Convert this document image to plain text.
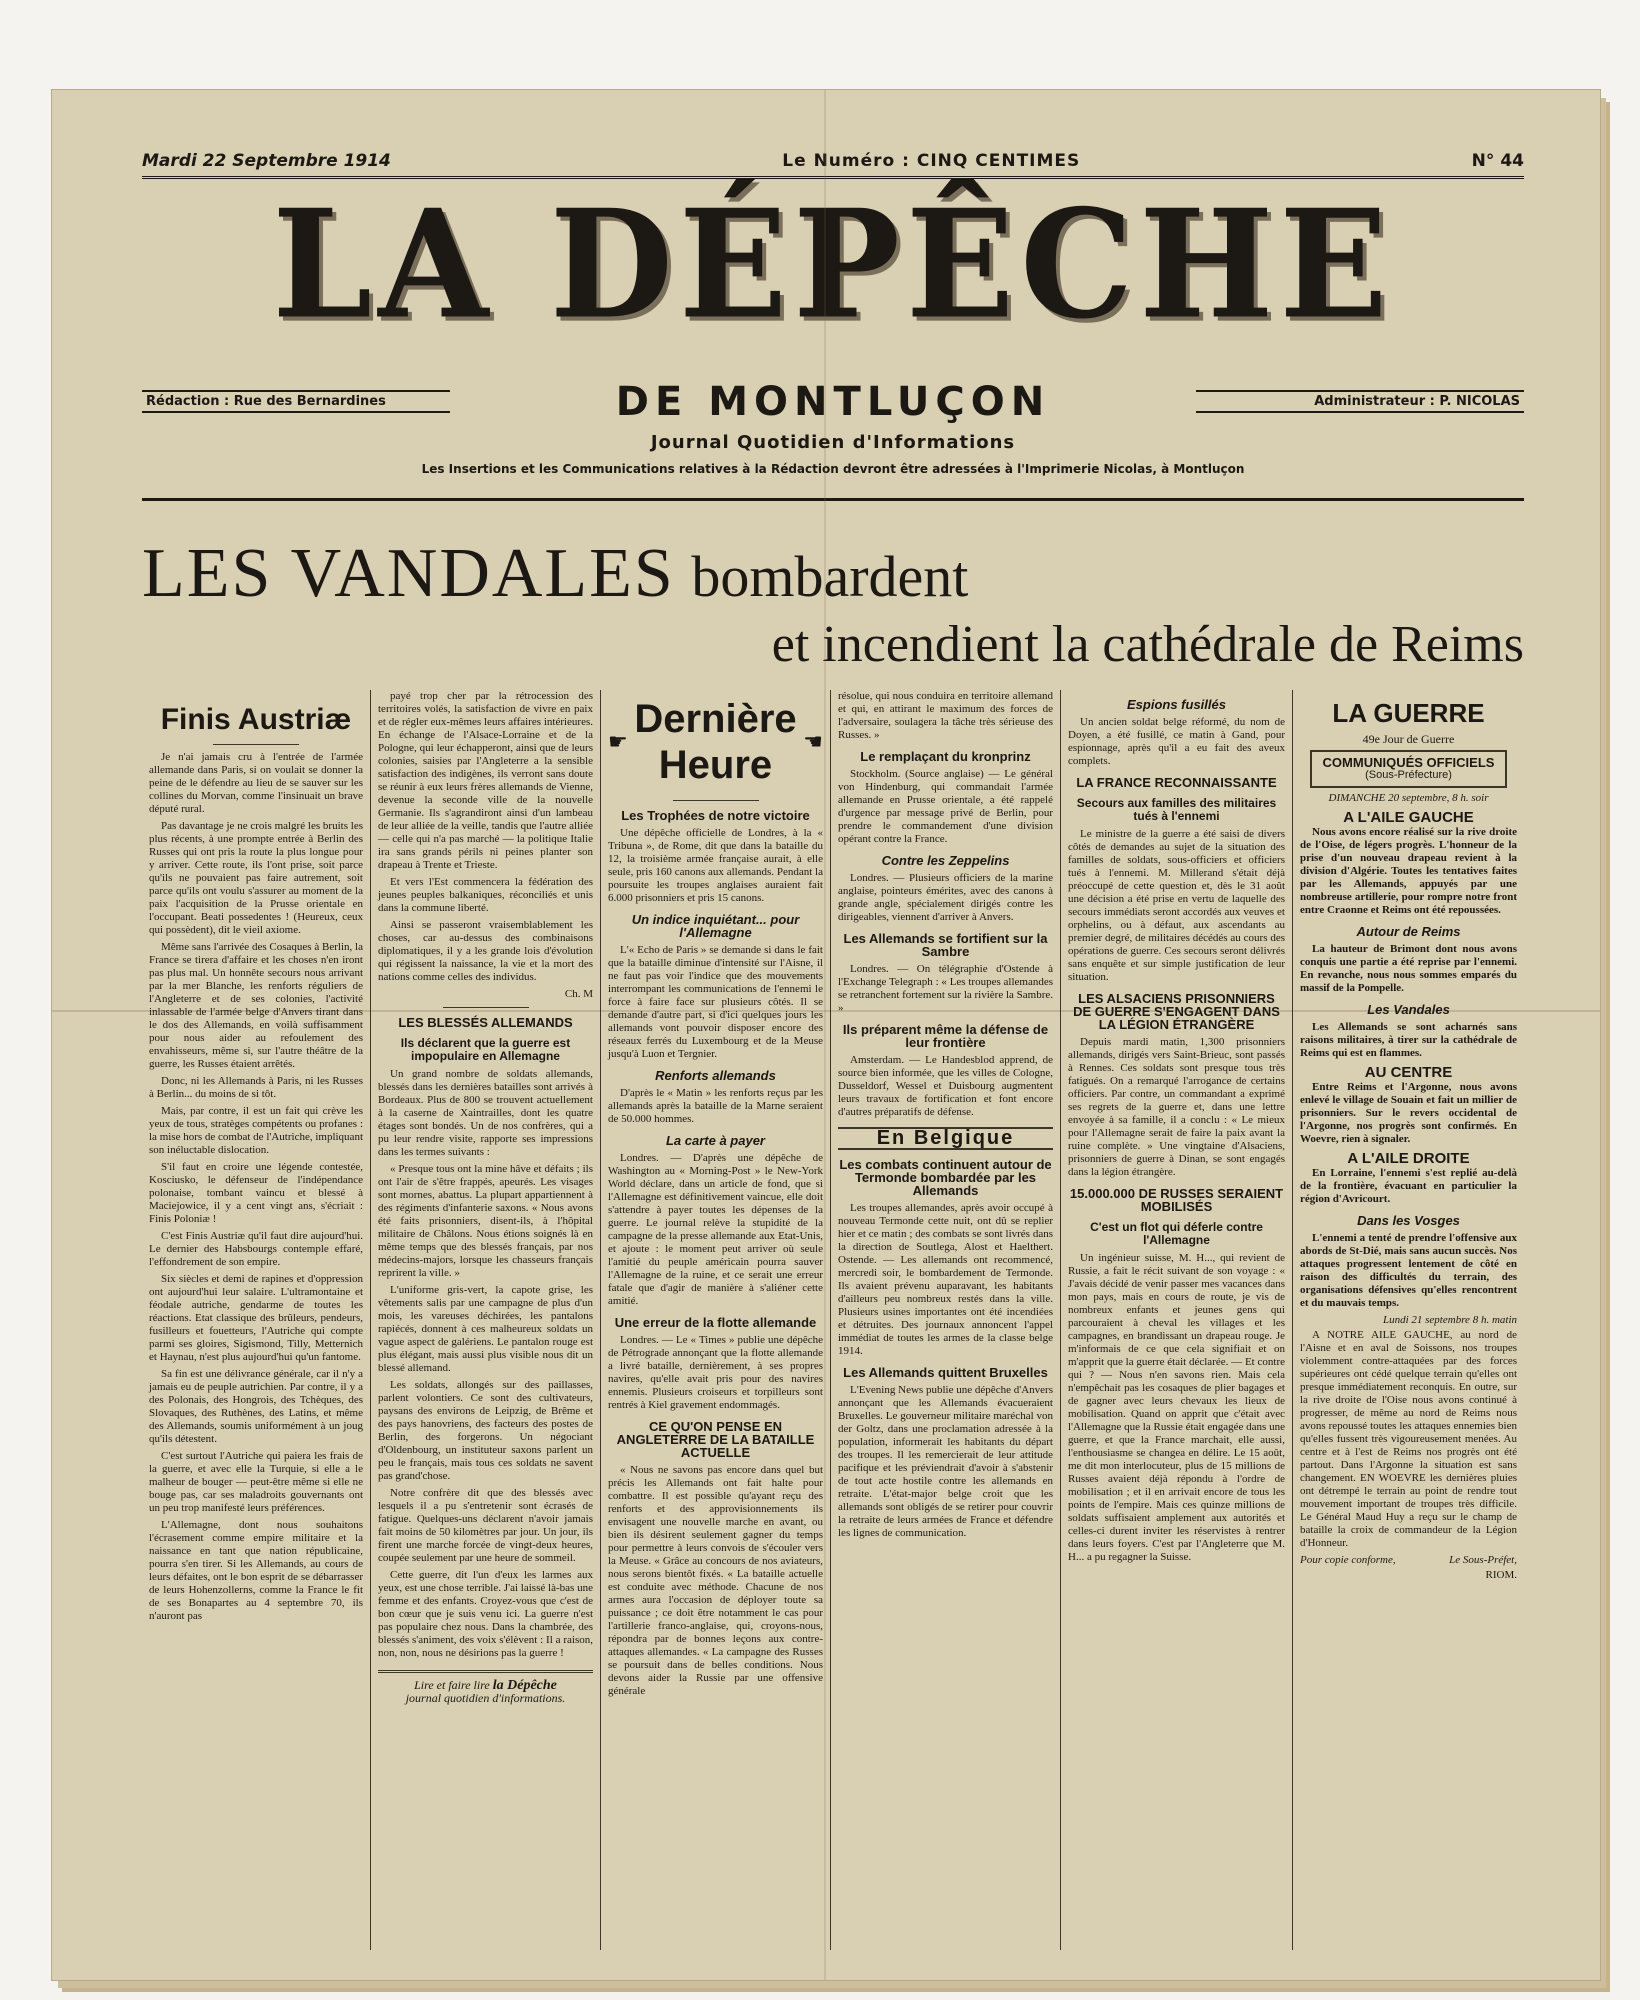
Mardi 22 Septembre 1914	Le Numéro : CINQ CENTIMES	N° 44
LA DÉPÊCHE
Rédaction : Rue des Bernardines	DE MONTLUÇON	Administrateur : P. NICOLAS
Journal Quotidien d'Informations
Les Insertions et les Communications relatives à la Rédaction devront être adressées à l'Imprimerie Nicolas, à Montluçon
LES VANDALES bombardent
et incendient la cathédrale de Reims
Finis Austriæ

Je n'ai jamais cru à l'entrée de l'armée allemande dans Paris, si on voulait se donner la peine de le défendre au lieu de se sauver sur les collines du Morvan, comme l'insinuait un brave député rural.

Pas davantage je ne crois malgré les bruits les plus récents, à une prompte entrée à Berlin des Russes qui ont pris la route la plus longue pour y arriver. Cette route, ils l'ont prise, soit parce qu'ils ne pouvaient pas faire autrement, soit parce qu'ils ont voulu s'assurer au moment de la paix l'acquisition de la Prusse orientale en l'occupant. Beati possedentes ! (Heureux, ceux qui possèdent), dit le vieil axiome.

Même sans l'arrivée des Cosaques à Berlin, la France se tirera d'affaire et les choses n'en iront pas plus mal. Un honnête secours nous arrivant par la mer Blanche, les renforts réguliers de l'Angleterre et de ses colonies, l'activité inlassable de l'armée belge d'Anvers tirant dans le dos des Allemands, en voilà suffisamment pour nous aider au refoulement des envahisseurs, même si, sur l'autre théâtre de la guerre, les Russes étaient arrêtés.

Donc, ni les Allemands à Paris, ni les Russes à Berlin... du moins de si tôt.

Mais, par contre, il est un fait qui crève les yeux de tous, stratèges compétents ou profanes : la mise hors de combat de l'Autriche, impliquant son inéluctable dislocation.

S'il faut en croire une légende contestée, Kosciusko, le défenseur de l'indépendance polonaise, tombant vaincu et blessé à Maciejowice, il y a cent vingt ans, s'écriait : Finis Poloniæ !

C'est Finis Austriæ qu'il faut dire aujourd'hui. Le dernier des Habsbourgs contemple effaré, l'effondrement de son empire.

Six siècles et demi de rapines et d'oppression ont aujourd'hui leur salaire. L'ultramontaine et féodale autriche, gendarme de toutes les réactions. Etat classique des brûleurs, pendeurs, fusilleurs et fouetteurs, l'Autriche qui compte parmi ses gloires, Sigismond, Tilly, Metternich et Haynau, n'est plus aujourd'hui qu'un fantome.

Sa fin est une délivrance générale, car il n'y a jamais eu de peuple autrichien. Par contre, il y a des Polonais, des Hongrois, des Tchèques, des Slovaques, des Ruthènes, des Latins, et même des Allemands, soumis uniformément à un joug qu'ils détestent.

C'est surtout l'Autriche qui paiera les frais de la guerre, et avec elle la Turquie, si elle a le malheur de bouger — peut-être même si elle ne bouge pas, car ses maladroits gouvernants ont un peu trop manifesté leurs préférences.

L'Allemagne, dont nous souhaitons l'écrasement comme empire militaire et la naissance en tant que nation républicaine, pourra s'en tirer. Si les Allemands, au cours de leurs défaites, ont le bon esprit de se débarrasser de leurs Hohenzollerns, comme la France le fit de ses Bonapartes au 4 septembre 70, ils n'auront pas

payé trop cher par la rétrocession des territoires volés, la satisfaction de vivre en paix et de régler eux-mêmes leurs affaires intérieures. En échange de l'Alsace-Lorraine et de la Pologne, qui leur échapperont, ainsi que de leurs colonies, saisies par l'Angleterre a la sensible satisfaction des indigènes, ils verront sans doute se réunir à eux leurs frères allemands de Vienne, devenue la seconde ville de la nouvelle Germanie. Ils s'agrandiront ainsi d'un lambeau de leur alliée de la veille, tandis que l'autre alliée — celle qui n'a pas marché — la politique Italie ira sans grands périls ni peines planter son drapeau à Trente et Trieste.

Et vers l'Est commencera la fédération des jeunes peuples balkaniques, réconciliés et unis dans la commune liberté.

Ainsi se passeront vraisemblablement les choses, car au-dessus des combinaisons diplomatiques, il y a les grande lois d'évolution qui régissent la naissance, la vie et la mort des nations comme celles des individus.

Ch. M
LES BLESSÉS ALLEMANDS
Ils déclarent que la guerre est impopulaire en Allemagne

Un grand nombre de soldats allemands, blessés dans les dernières batailles sont arrivés à Bordeaux. Plus de 800 se trouvent actuellement à la caserne de Xaintrailles, dont les quatre étages sont bondés. Un de nos confrères, qui a pu leur rendre visite, rapporte ses impressions dans les termes suivants :

« Presque tous ont la mine hâve et défaits ; ils ont l'air de s'être frappés, apeurés. Les visages sont mornes, abattus. La plupart appartiennent à des régiments d'infanterie saxons. « Nous avons été faits prisonniers, disent-ils, à l'hôpital militaire de Châlons. Nous étions soignés là en même temps que des blessés français, par nos médecins-majors, lorsque les chasseurs français reprirent la ville. »

L'uniforme gris-vert, la capote grise, les vêtements salis par une campagne de plus d'un mois, les vareuses déchirées, les pantalons rapiécés, donnent à ces malheureux soldats un vague aspect de galériens. Le pantalon rouge est plus élégant, mais aussi plus visible nous dit un blessé allemand.

Les soldats, allongés sur des paillasses, parlent volontiers. Ce sont des cultivateurs, paysans des environs de Leipzig, de Brême et des pays hanovriens, des facteurs des postes de Berlin, des forgerons. Un négociant d'Oldenbourg, un instituteur saxons parlent un peu le français, mais tous ces soldats ne savent pas grand'chose.

Notre confrère dit que des blessés avec lesquels il a pu s'entretenir sont écrasés de fatigue. Quelques-uns déclarent n'avoir jamais fait moins de 50 kilomètres par jour. Un jour, ils firent une marche forcée de vingt-deux heures, coupée seulement par une heure de sommeil.

Cette guerre, dit l'un d'eux les larmes aux yeux, est une chose terrible. J'ai laissé là-bas une femme et des enfants. Croyez-vous que c'est de bon cœur que je suis venu ici. La guerre n'est pas populaire chez nous. Dans la chambrée, des blessés s'animent, des voix s'élèvent : Il a raison, non, non, nous ne désirions pas la guerre !

Lire et faire lire la Dépêche
journal quotidien d'informations.
☛
Dernière Heure
☚
Les Trophées de notre victoire

Une dépêche officielle de Londres, à la « Tribuna », de Rome, dit que dans la bataille du 12, la troisième armée française aurait, à elle seule, pris 160 canons aux allemands. Pendant la poursuite les troupes anglaises auraient fait 6.000 prisonniers et pris 15 canons.

Un indice inquiétant... pour l'Allemagne

L'« Echo de Paris » se demande si dans le fait que la bataille diminue d'intensité sur l'Aisne, il ne faut pas voir l'indice que des mouvements interrompant les communications de l'ennemi le force à faire face sur plusieurs côtés. Il se demande d'autre part, si d'ici quelques jours les allemands vont pouvoir disposer encore des réseaux ferrés du Luxembourg et de la Meuse jusqu'à Luon et Tergnier.

Renforts allemands

D'après le « Matin » les renforts reçus par les allemands après la bataille de la Marne seraient de 50.000 hommes.

La carte à payer

Londres. — D'après une dépêche de Washington au « Morning-Post » le New-York World déclare, dans un article de fond, que si l'Allemagne est définitivement vaincue, elle doit s'attendre à payer toutes les dépenses de la guerre. Le journal relève la stupidité de la campagne de la presse allemande aux Etat-Unis, et ajoute : le moment peut arriver où seule l'amitié du peuple américain pourra sauver l'Allemagne de la ruine, et ce serait une erreur fatale que d'agir de manière à s'aliéner cette amitié.

Une erreur de la flotte allemande

Londres. — Le « Times » publie une dépêche de Pétrograde annonçant que la flotte allemande a livré bataille, dernièrement, à ses propres navires, qu'elle avait pris pour des navires ennemis. Plusieurs croiseurs et torpilleurs sont rentrés à Kiel gravement endommagés.

CE QU'ON PENSE EN ANGLETERRE DE LA BATAILLE ACTUELLE

« Nous ne savons pas encore dans quel but précis les Allemands ont fait halte pour combattre. Il est possible qu'ayant reçu des renforts et des approvisionnements ils envisagent une nouvelle marche en avant, ou bien ils désirent seulement gagner du temps pour permettre à leurs convois de s'écouler vers la Meuse. « Grâce au concours de nos aviateurs, nous serons bientôt fixés. « La bataille actuelle est conduite avec méthode. Chacune de nos armes aura l'occasion de déployer toute sa puissance ; ce doit être notamment le cas pour l'artillerie franco-anglaise, qui, croyons-nous, répondra par de bonnes leçons aux contre-attaques allemandes. « La campagne des Russes se poursuit dans de belles conditions. Nous devons aider la Russie par une offensive générale

résolue, qui nous conduira en territoire allemand et qui, en attirant le maximum des forces de l'adversaire, soulagera la tâche très sérieuse des Russes. »

Le remplaçant du kronprinz

Stockholm. (Source anglaise) — Le général von Hindenburg, qui commandait l'armée allemande en Prusse orientale, a été rappelé d'urgence par message privé de Berlin, pour prendre le commandement d'une division opérant contre la France.

Contre les Zeppelins

Londres. — Plusieurs officiers de la marine anglaise, pointeurs émérites, avec des canons à grande angle, spécialement dirigés contre les dirigeables, viennent d'arriver à Anvers.

Les Allemands se fortifient sur la Sambre

Londres. — On télégraphie d'Ostende à l'Exchange Telegraph : « Les troupes allemandes se retranchent fortement sur la rivière la Sambre. »

Ils préparent même la défense de leur frontière

Amsterdam. — Le Handesblod apprend, de source bien informée, que les villes de Cologne, Dusseldorf, Wessel et Duisbourg augmentent leurs travaux de fortification et font encore d'autres préparatifs de défense.

En Belgique
Les combats continuent autour de Termonde bombardée par les Allemands

Les troupes allemandes, après avoir occupé à nouveau Termonde cette nuit, ont dû se replier hier et ce matin ; des combats se sont livrés dans la direction de Soutlega, Alost et Haelthert. Ostende. — Les allemands ont recommencé, mercredi soir, le bombardement de Termonde. Ils avaient prévenu auparavant, les habitants d'ailleurs peu nombreux restés dans la ville. Plusieurs usines importantes ont été incendiées et détruites. Des journaux annoncent l'appel immédiat de toutes les armes de la classe belge 1914.

Les Allemands quittent Bruxelles

L'Evening News publie une dépêche d'Anvers annonçant que les Allemands évacueraient Bruxelles. Le gouverneur militaire maréchal von der Goltz, dans une proclamation adressée à la population, informerait les habitants du départ des troupes. Il les remercierait de leur attitude pacifique et les préviendrait d'avoir à s'abstenir de tout acte hostile contre les allemands en retraite. L'état-major belge croit que les allemands sont obligés de se retirer pour couvrir la retraite de leurs armées de France et défendre les lignes de communication.

Espions fusillés

Un ancien soldat belge réformé, du nom de Doyen, a été fusillé, ce matin à Gand, pour espionnage, après qu'il a eu fait des aveux complets.

LA FRANCE RECONNAISSANTE
Secours aux familles des militaires tués à l'ennemi

Le ministre de la guerre a été saisi de divers côtés de demandes au sujet de la situation des familles de soldats, sous-officiers et officiers tués à l'ennemi. M. Millerand s'était déjà préoccupé de cette question et, dès le 31 août une décision a été prise en vertu de laquelle des secours immédiats seront accordés aux veuves et orphelins, ou à défaut, aux ascendants au premier degré, de militaires décédés au cours des opérations de guerre. Ces secours seront délivrés sans enquête et sur simple justification de leur situation.

LES ALSACIENS PRISONNIERS DE GUERRE S'ENGAGENT DANS LA LÉGION ÉTRANGÈRE

Depuis mardi matin, 1,300 prisonniers allemands, dirigés vers Saint-Brieuc, sont passés à Rennes. Ces soldats sont presque tous très fatigués. On a remarqué l'arrogance de certains officiers. Par contre, un commandant a exprimé ses regrets de la guerre et, dans une lettre envoyée à sa famille, il a conclu : « Le mieux pour l'Allemagne serait de faire la paix avant la ruine complète. » Une vingtaine d'Alsaciens, prisonniers de guerre à Dinan, se sont engagés dans la légion étrangère.

15.000.000 DE RUSSES SERAIENT MOBILISÉS
C'est un flot qui déferle contre l'Allemagne

Un ingénieur suisse, M. H..., qui revient de Russie, a fait le récit suivant de son voyage : « J'avais décidé de venir passer mes vacances dans mon pays, mais en cours de route, je vis de nombreux enfants et jeunes gens qui parcouraient à cheval les villages et les campagnes, en brandissant un drapeau rouge. Je m'informais de ce que cela signifiait et on m'apprit que la guerre était déclarée. — Et contre qui ? — Nous n'en savons rien. Mais cela n'empêchait pas les cosaques de plier bagages et de gagner avec leurs chevaux les lieux de mobilisation. Quand on apprit que c'était avec l'Allemagne que la Russie était engagée dans une guerre, et que la France marchait, elle aussi, l'enthousiasme se changea en délire. Le 15 août, me dit mon interlocuteur, plus de 15 millions de Russes avaient déjà répondu à l'ordre de mobilisation ; et il en arrivait encore de tous les points de l'empire. Mais ces quinze millions de soldats suffisaient amplement aux autorités et celles-ci durent inviter les réservistes à rentrer dans leurs foyers. C'est par l'Angleterre que M. H... a pu regagner la Suisse.

LA GUERRE
49e Jour de Guerre
COMMUNIQUÉS OFFICIELS
(Sous-Préfecture)
DIMANCHE 20 septembre, 8 h. soir
A L'AILE GAUCHE

Nous avons encore réalisé sur la rive droite de l'Oise, de légers progrès. L'honneur de la prise d'un nouveau drapeau revient à la division d'Algérie. Toutes les tentatives faites par les Allemands, appuyés par une nombreuse artillerie, pour rompre notre front entre Craonne et Reims ont été repoussées.

Autour de Reims

La hauteur de Brimont dont nous avons conquis une partie a été reprise par l'ennemi. En revanche, nous nous sommes emparés du massif de la Pompelle.

Les Vandales

Les Allemands se sont acharnés sans raisons militaires, à tirer sur la cathédrale de Reims qui est en flammes.

AU CENTRE

Entre Reims et l'Argonne, nous avons enlevé le village de Souain et fait un millier de prisonniers. Sur le revers occidental de l'Argonne, nos progrès sont confirmés. En Woevre, rien à signaler.

A L'AILE DROITE

En Lorraine, l'ennemi s'est replié au-delà de la frontière, évacuant en particulier la région d'Avricourt.

Dans les Vosges

L'ennemi a tenté de prendre l'offensive aux abords de St-Dié, mais sans aucun succès. Nos attaques progressent lentement de côté en raison des difficultés du terrain, des organisations défensives qu'elles rencontrent et du mauvais temps.

Lundi 21 septembre 8 h. matin

A NOTRE AILE GAUCHE, au nord de l'Aisne et en aval de Soissons, nos troupes violemment contre-attaquées par des forces supérieures ont cédé quelque terrain qu'elles ont presque immédiatement reconquis. En outre, sur la rive droite de l'Oise nous avons continué à progresser, de même au nord de Reims nous avons repoussé toutes les attaques ennemies bien qu'elles fussent très vigoureusement menées. Au centre et à l'est de Reims nos progrès ont été partout. Dans l'Argonne la situation est sans changement. EN WOEVRE les dernières pluies ont détrempé le terrain au point de rendre tout mouvement important de troupes très difficile. Le Général Maud Huy a reçu sur le champ de bataille la croix de commandeur de la Légion d'Honneur.

Pour copie conforme,	Le Sous-Préfet,
RIOM.
